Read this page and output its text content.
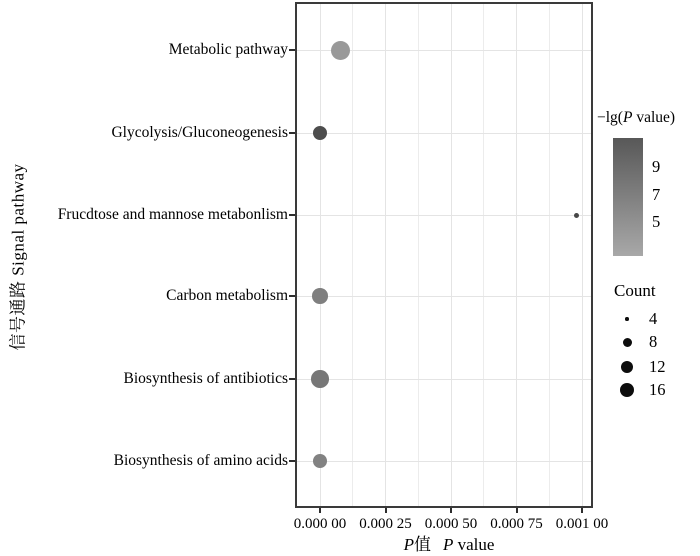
0.000 00 0.000 25 0.000 50 0.000 75 0.001 00
Metabolic pathway
Glycolysis/Gluconeogenesis
Frucdtose and mannose metabonlism
Carbon metabolism
Biosynthesis of antibiotics
Biosynthesis of amino acids
信号通路 Signal pathway
P值 P value
−lg(P value)
9
7
5
Count
4
8
12
16
